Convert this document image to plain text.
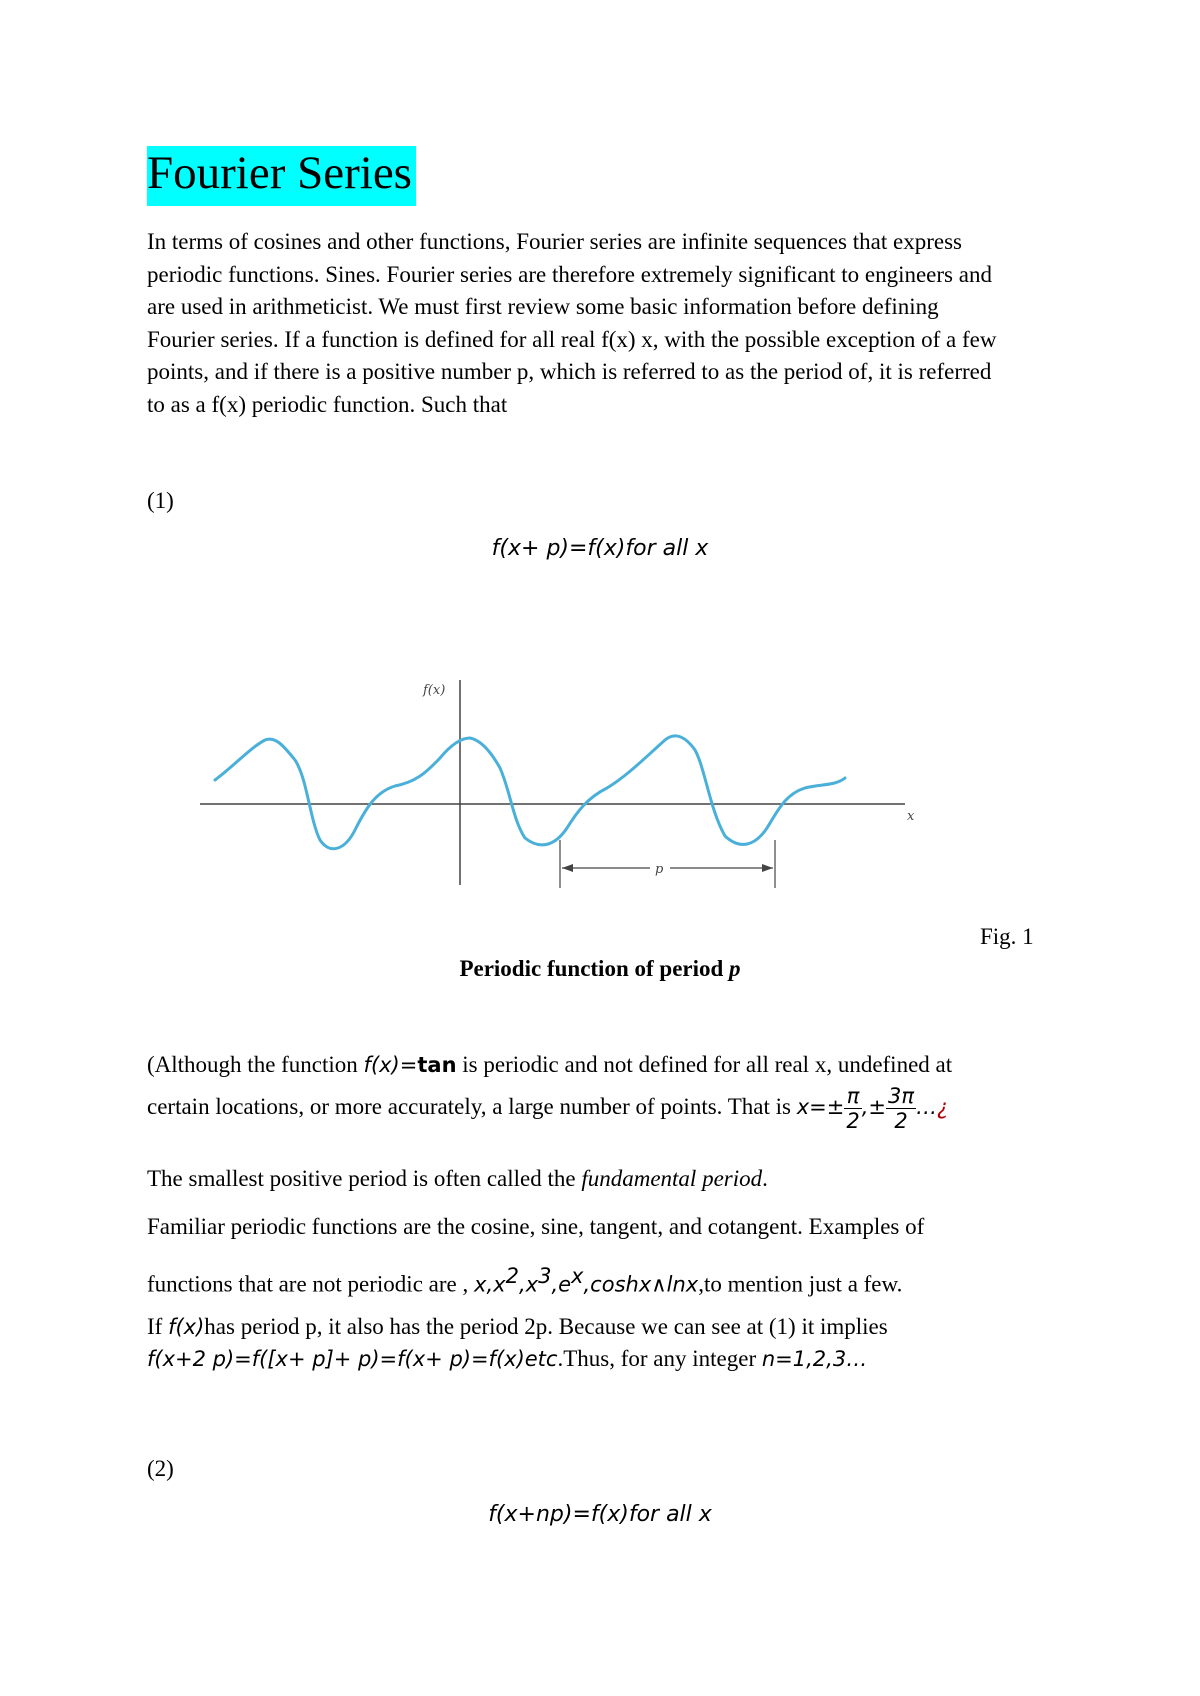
Fourier Series
In terms of cosines and other functions, Fourier series are infinite sequences that express
periodic functions. Sines. Fourier series are therefore extremely significant to engineers and
are used in arithmeticist. We must first review some basic information before defining
Fourier series. If a function is defined for all real f(x) x, with the possible exception of a few
points, and if there is a positive number p, which is referred to as the period of, it is referred
to as a f(x) periodic function. Such that
(1)
f(x+ p)=f(x)for all x
f(x)
x
p
Fig. 1
Periodic function of period p
(Although the function f(x)=tan is periodic and not defined for all real x, undefined at
certain locations, or more accurately, a large number of points. That is $x=\pm \frac{\pi}{2}$ ,± $\frac{3\pi}{2}$ …¿
The smallest positive period is often called the fundamental period.
Familiar periodic functions are the cosine, sine, tangent, and cotangent. Examples of
functions that are not periodic are , $x,x^2,x^3,e^x,\cosh x\wedge\ln x,to$ mention just a few.
If f(x)has period p, it also has the period 2p. Because we can see at (1) it implies
f(x+2 p)=f([x+ p]+ p)=f(x+ p)=f(x)etc.Thus, for any integer n=1,2,3…
(2)
f(x+np)=f(x)for all x
